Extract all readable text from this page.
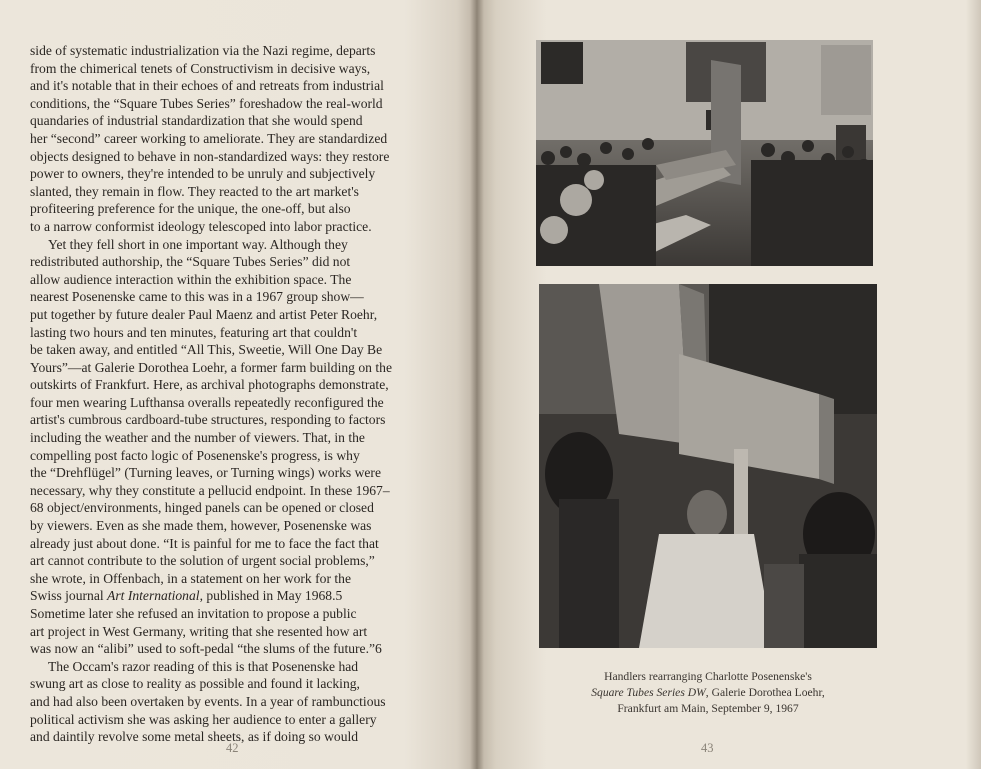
side of systematic industrialization via the Nazi regime, departs
from the chimerical tenets of Constructivism in decisive ways,
and it's notable that in their echoes of and retreats from industrial
conditions, the “Square Tubes Series” foreshadow the real-world
quandaries of industrial standardization that she would spend
her “second” career working to ameliorate. They are standardized
objects designed to behave in non-standardized ways: they restore
power to owners, they're intended to be unruly and subjectively
slanted, they remain in flow. They reacted to the art market's
profiteering preference for the unique, the one-off, but also
to a narrow conformist ideology telescoped into labor practice.

Yet they fell short in one important way. Although they
redistributed authorship, the “Square Tubes Series” did not
allow audience interaction within the exhibition space. The
nearest Posenenske came to this was in a 1967 group show—
put together by future dealer Paul Maenz and artist Peter Roehr,
lasting two hours and ten minutes, featuring art that couldn't
be taken away, and entitled “All This, Sweetie, Will One Day Be
Yours”—at Galerie Dorothea Loehr, a former farm building on the
outskirts of Frankfurt. Here, as archival photographs demonstrate,
four men wearing Lufthansa overalls repeatedly reconfigured the
artist's cumbrous cardboard-tube structures, responding to factors
including the weather and the number of viewers. That, in the
compelling post facto logic of Posenenske's progress, is why
the “Drehflügel” (Turning leaves, or Turning wings) works were
necessary, why they constitute a pellucid endpoint. In these 1967–
68 object/environments, hinged panels can be opened or closed
by viewers. Even as she made them, however, Posenenske was
already just about done. “It is painful for me to face the fact that
art cannot contribute to the solution of urgent social problems,”
she wrote, in Offenbach, in a statement on her work for the
Swiss journal Art International, published in May 1968.5
Sometime later she refused an invitation to propose a public
art project in West Germany, writing that she resented how art
was now an “alibi” used to soft-pedal “the slums of the future.”6

The Occam's razor reading of this is that Posenenske had
swung art as close to reality as possible and found it lacking,
and had also been overtaken by events. In a year of rambunctious
political activism she was asking her audience to enter a gallery
and daintily revolve some metal sheets, as if doing so would

42
Handlers rearranging Charlotte Posenenske's
Square Tubes Series DW, Galerie Dorothea Loehr,
Frankfurt am Main, September 9, 1967
43
